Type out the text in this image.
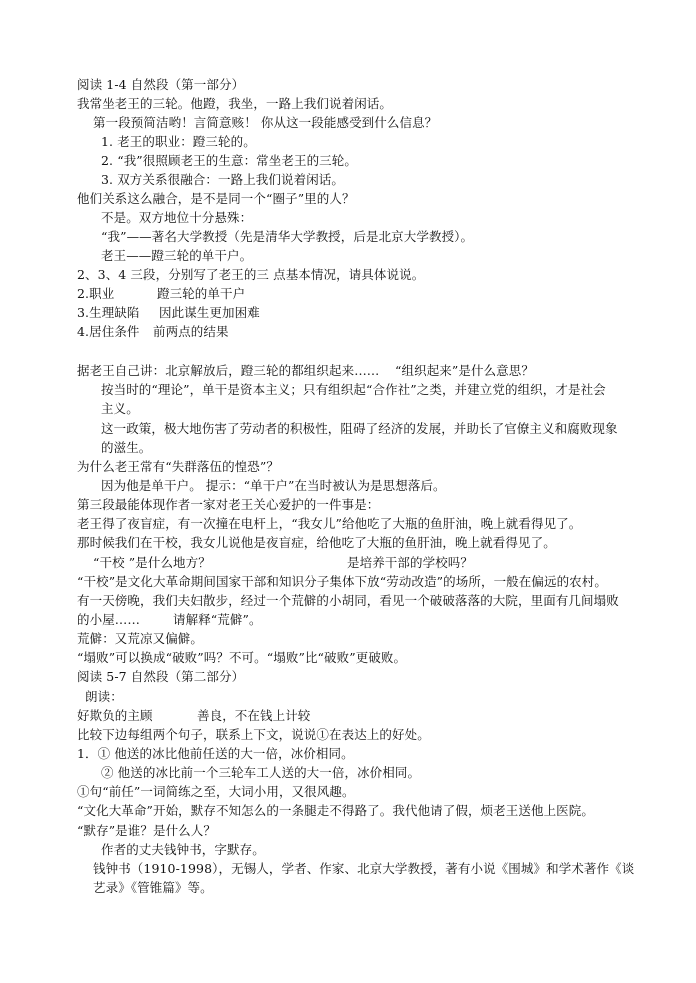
阅读 1-4 自然段（第一部分）
我常坐老王的三轮。他蹬，我坐，一路上我们说着闲话。
第一段预简洁哟！言简意赅！ 你从这一段能感受到什么信息？
1. 老王的职业：蹬三轮的。
2. “我”很照顾老王的生意：常坐老王的三轮。
3. 双方关系很融合：一路上我们说着闲话。
他们关系这么融合，是不是同一个“圈子”里的人？
不是。双方地位十分悬殊：
“我”——著名大学教授（先是清华大学教授，后是北京大学教授）。
老王——蹬三轮的单干户。
2、3、4 三段，分别写了老王的三 点基本情况，请具体说说。
2.职业	蹬三轮的单干户
3.生理缺陷 因此谋生更加困难
4.居住条件 前两点的结果
据老王自己讲：北京解放后，蹬三轮的都组织起来…… “组织起来”是什么意思？
按当时的“理论”，单干是资本主义；只有组织起“合作社”之类，并建立党的组织，才是社会
主义。
这一政策，极大地伤害了劳动者的积极性，阻碍了经济的发展，并助长了官僚主义和腐败现象
的滋生。
为什么老王常有“失群落伍的惶恐”？
因为他是单干户。 提示：“单干户”在当时被认为是思想落后。
第三段最能体现作者一家对老王关心爱护的一件事是：
老王得了夜盲症，有一次撞在电杆上，“我女儿”给他吃了大瓶的鱼肝油，晚上就看得见了。
那时候我们在干校，我女儿说他是夜盲症，给他吃了大瓶的鱼肝油，晚上就看得见了。
“干校 ”是什么地方？	是培养干部的学校吗？
“干校”是文化大革命期间国家干部和知识分子集体下放“劳动改造”的场所，一般在偏远的农村。
有一天傍晚，我们夫妇散步，经过一个荒僻的小胡同，看见一个破破落落的大院，里面有几间塌败
的小屋……	请解释“荒僻”。
荒僻：又荒凉又偏僻。
“塌败”可以换成“破败”吗？不可。“塌败”比“破败”更破败。
阅读 5-7 自然段（第二部分）
朗读：
好欺负的主顾	善良，不在钱上计较
比较下边每组两个句子，联系上下文，说说①在表达上的好处。
1．① 他送的冰比他前任送的大一倍，冰价相同。
② 他送的冰比前一个三轮车工人送的大一倍，冰价相同。
①句“前任”一词简练之至，大词小用，又很风趣。
“文化大革命”开始，默存不知怎么的一条腿走不得路了。我代他请了假，烦老王送他上医院。
“默存”是谁？是什么人？
作者的丈夫钱钟书，字默存。
钱钟书（1910-1998），无锡人，学者、作家、北京大学教授，著有小说《围城》和学术著作《谈
艺录》《管锥篇》等。
